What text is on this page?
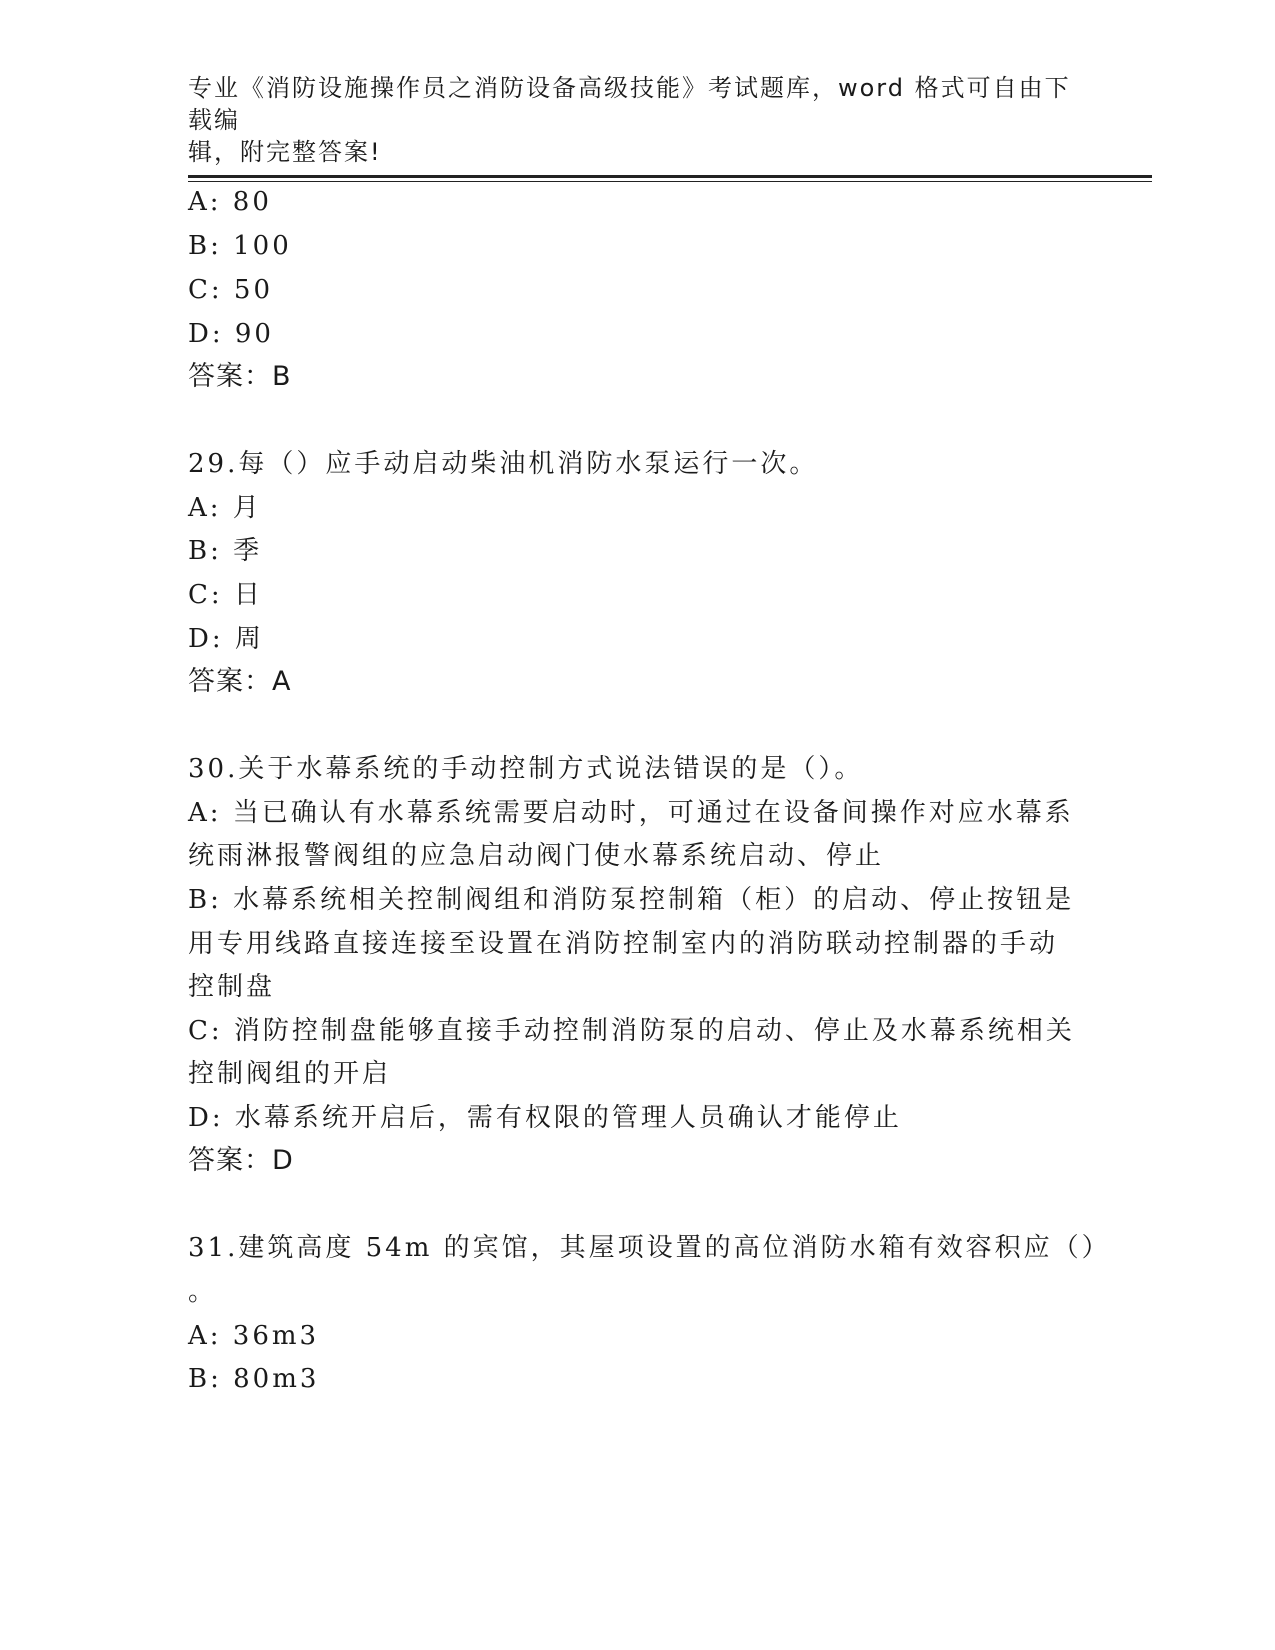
专业《消防设施操作员之消防设备高级技能》考试题库，word 格式可自由下载编
辑，附完整答案!
A: 80
B: 100
C: 50
D: 90
答案：B
29.每（）应手动启动柴油机消防水泵运行一次。
A: 月
B: 季
C: 日
D: 周
答案：A
30.关于水幕系统的手动控制方式说法错误的是（）。
A: 当已确认有水幕系统需要启动时，可通过在设备间操作对应水幕系
统雨淋报警阀组的应急启动阀门使水幕系统启动、停止
B: 水幕系统相关控制阀组和消防泵控制箱（柜）的启动、停止按钮是
用专用线路直接连接至设置在消防控制室内的消防联动控制器的手动
控制盘
C: 消防控制盘能够直接手动控制消防泵的启动、停止及水幕系统相关
控制阀组的开启
D: 水幕系统开启后，需有权限的管理人员确认才能停止
答案：D
31.建筑高度 54m 的宾馆，其屋项设置的高位消防水箱有效容积应（）
。
A: 36m3
B: 80m3
